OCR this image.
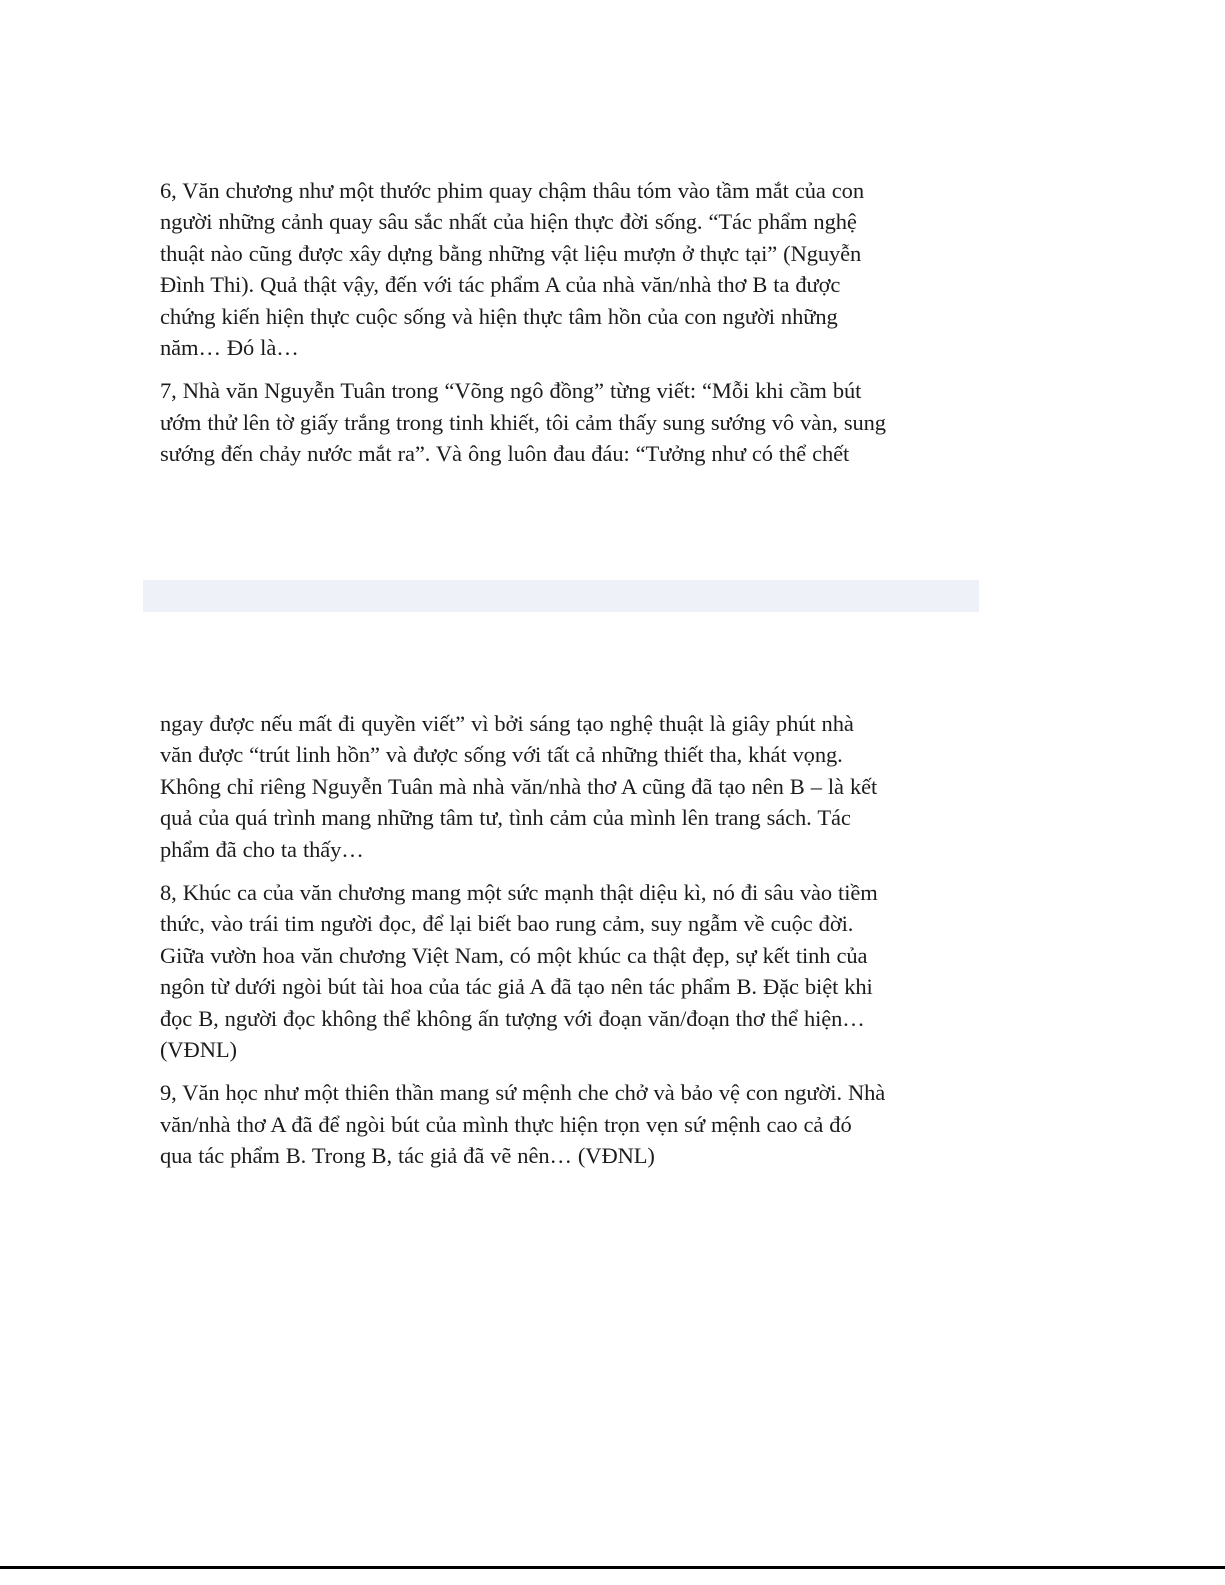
6, Văn chương như một thước phim quay chậm thâu tóm vào tầm mắt của con
người những cảnh quay sâu sắc nhất của hiện thực đời sống. “Tác phẩm nghệ
thuật nào cũng được xây dựng bằng những vật liệu mượn ở thực tại” (Nguyễn
Đình Thi). Quả thật vậy, đến với tác phẩm A của nhà văn/nhà thơ B ta được
chứng kiến hiện thực cuộc sống và hiện thực tâm hồn của con người những
năm… Đó là…

7, Nhà văn Nguyễn Tuân trong “Võng ngô đồng” từng viết: “Mỗi khi cầm bút
ướm thử lên tờ giấy trắng trong tinh khiết, tôi cảm thấy sung sướng vô vàn, sung
sướng đến chảy nước mắt ra”. Và ông luôn đau đáu: “Tưởng như có thể chết

ngay được nếu mất đi quyền viết” vì bởi sáng tạo nghệ thuật là giây phút nhà
văn được “trút linh hồn” và được sống với tất cả những thiết tha, khát vọng.
Không chỉ riêng Nguyễn Tuân mà nhà văn/nhà thơ A cũng đã tạo nên B – là kết
quả của quá trình mang những tâm tư, tình cảm của mình lên trang sách. Tác
phẩm đã cho ta thấy…

8, Khúc ca của văn chương mang một sức mạnh thật diệu kì, nó đi sâu vào tiềm
thức, vào trái tim người đọc, để lại biết bao rung cảm, suy ngẫm về cuộc đời.
Giữa vườn hoa văn chương Việt Nam, có một khúc ca thật đẹp, sự kết tinh của
ngôn từ dưới ngòi bút tài hoa của tác giả A đã tạo nên tác phẩm B. Đặc biệt khi
đọc B, người đọc không thể không ấn tượng với đoạn văn/đoạn thơ thể hiện…
(VĐNL)

9, Văn học như một thiên thần mang sứ mệnh che chở và bảo vệ con người. Nhà
văn/nhà thơ A đã để ngòi bút của mình thực hiện trọn vẹn sứ mệnh cao cả đó
qua tác phẩm B. Trong B, tác giả đã vẽ nên… (VĐNL)
